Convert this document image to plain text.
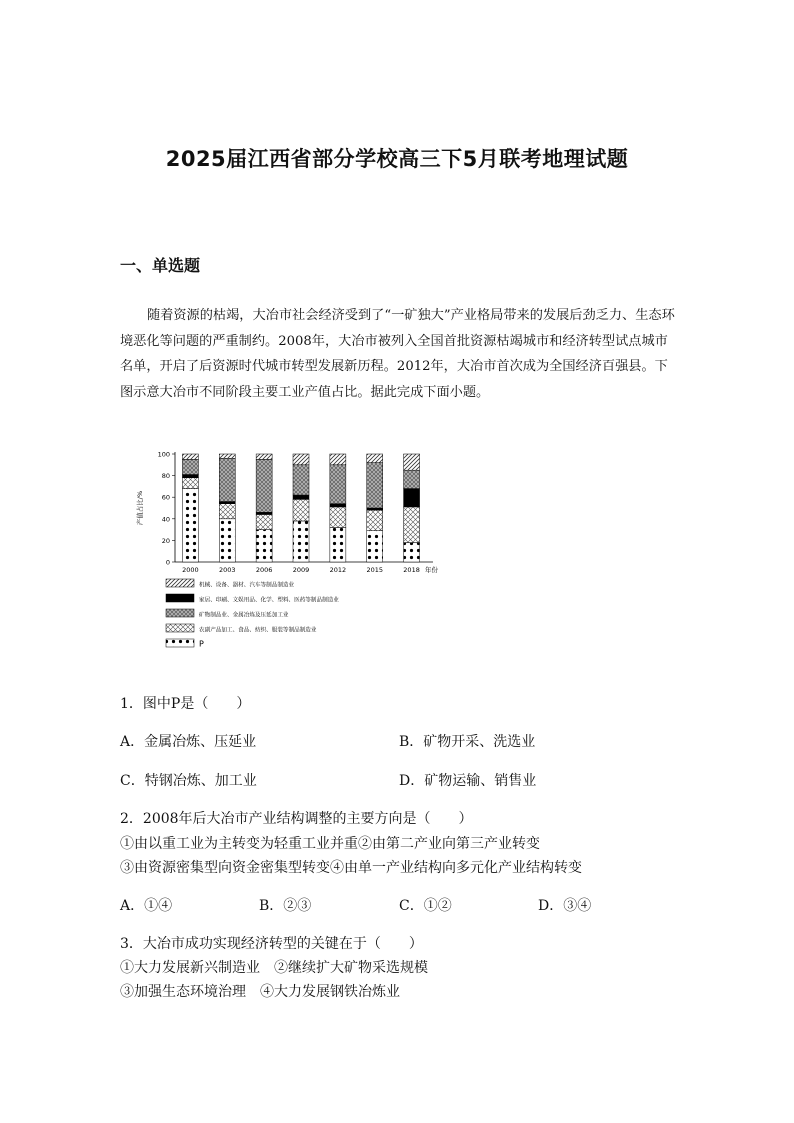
2025届江西省部分学校高三下5月联考地理试题
一、单选题
随着资源的枯竭，大冶市社会经济受到了“一矿独大”产业格局带来的发展后劲乏力、生态环境恶化等问题的严重制约。2008年，大冶市被列入全国首批资源枯竭城市和经济转型试点城市名单，开启了后资源时代城市转型发展新历程。2012年，大冶市首次成为全国经济百强县。下图示意大冶市不同阶段主要工业产值占比。据此完成下面小题。
0
20
40
60
80
100
产值占比/%
2000	2003	2006	2009	2012	2015	2018 年份
机械、设备、器材、汽车等制品制造业
家居、印刷、文娱用品、化学、塑料、医药等制品制造业
矿物制品业、金属冶炼及压延加工业
农副产品加工、食品、纺织、服装等制品制造业
P
1．图中P是（　　）
A．金属冶炼、压延业	B．矿物开采、洗选业
C．特钢冶炼、加工业	D．矿物运输、销售业
2．2008年后大冶市产业结构调整的主要方向是（　　）
①由以重工业为主转变为轻重工业并重②由第二产业向第三产业转变
③由资源密集型向资金密集型转变④由单一产业结构向多元化产业结构转变
A．①④	B．②③	C．①②	D．③④
3．大冶市成功实现经济转型的关键在于（　　）
①大力发展新兴制造业　②继续扩大矿物采选规模
③加强生态环境治理　④大力发展钢铁冶炼业
